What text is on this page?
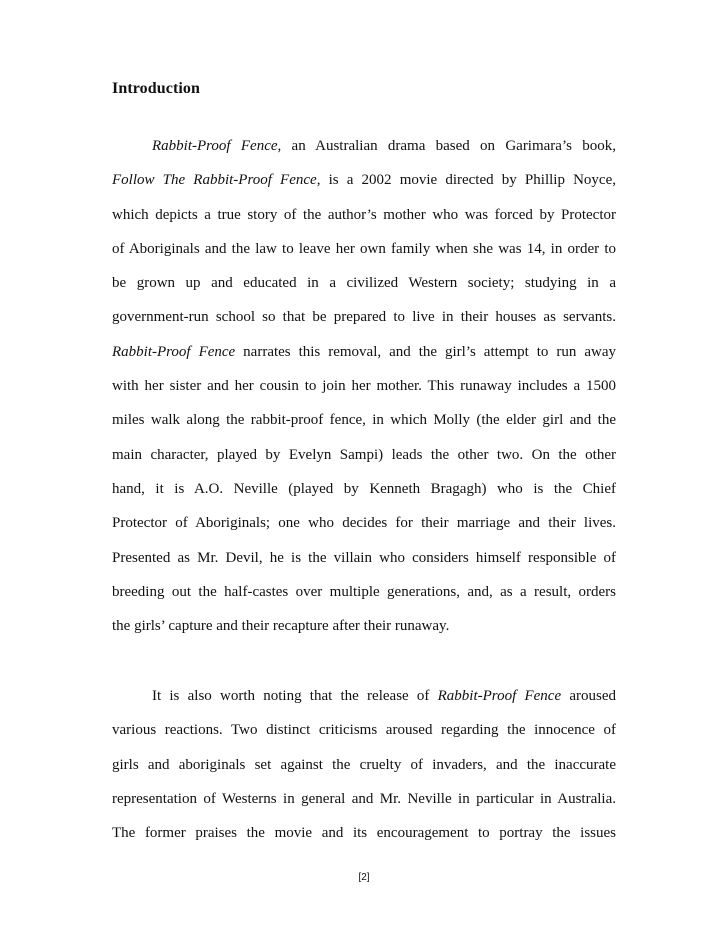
Introduction
Rabbit-Proof Fence, an Australian drama based on Garimara’s book,
Follow The Rabbit-Proof Fence, is a 2002 movie directed by Phillip Noyce,
which depicts a true story of the author’s mother who was forced by Protector
of Aboriginals and the law to leave her own family when she was 14, in order to
be grown up and educated in a civilized Western society; studying in a
government-run school so that be prepared to live in their houses as servants.
Rabbit-Proof Fence narrates this removal, and the girl’s attempt to run away
with her sister and her cousin to join her mother. This runaway includes a 1500
miles walk along the rabbit-proof fence, in which Molly (the elder girl and the
main character, played by Evelyn Sampi) leads the other two. On the other
hand, it is A.O. Neville (played by Kenneth Bragagh) who is the Chief
Protector of Aboriginals; one who decides for their marriage and their lives.
Presented as Mr. Devil, he is the villain who considers himself responsible of
breeding out the half-castes over multiple generations, and, as a result, orders
the girls’ capture and their recapture after their runaway.
It is also worth noting that the release of Rabbit-Proof Fence aroused
various reactions. Two distinct criticisms aroused regarding the innocence of
girls and aboriginals set against the cruelty of invaders, and the inaccurate
representation of Westerns in general and Mr. Neville in particular in Australia.
The former praises the movie and its encouragement to portray the issues
[2]
